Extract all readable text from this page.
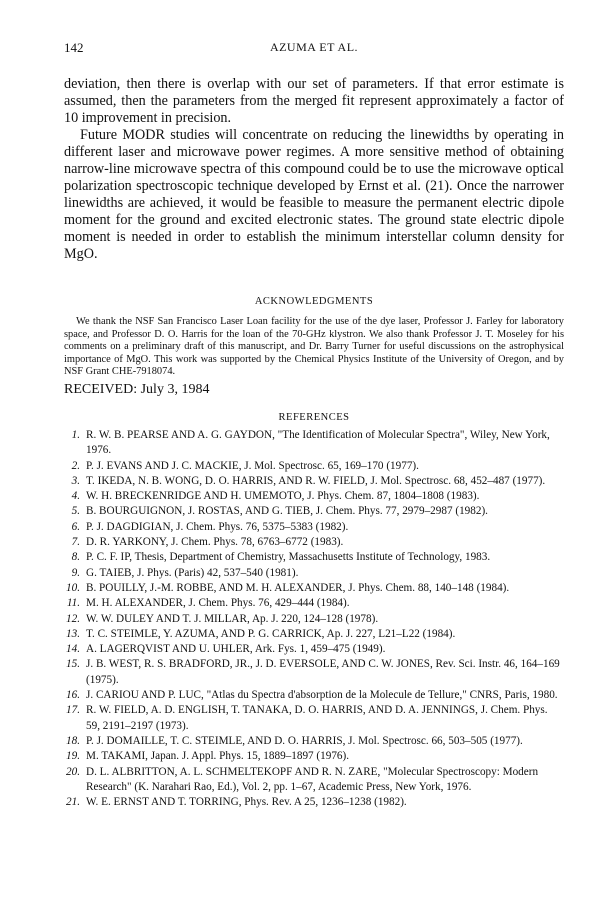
142	AZUMA ET AL.

deviation, then there is overlap with our set of parameters. If that error estimate is assumed, then the parameters from the merged fit represent approximately a factor of 10 improvement in precision.

Future MODR studies will concentrate on reducing the linewidths by operating in different laser and microwave power regimes. A more sensitive method of obtaining narrow-line microwave spectra of this compound could be to use the microwave optical polarization spectroscopic technique developed by Ernst et al. (21). Once the narrower linewidths are achieved, it would be feasible to measure the permanent electric dipole moment for the ground and excited electronic states. The ground state electric dipole moment is needed in order to establish the minimum interstellar column density for MgO.

ACKNOWLEDGMENTS
We thank the NSF San Francisco Laser Loan facility for the use of the dye laser, Professor J. Farley for laboratory space, and Professor D. O. Harris for the loan of the 70-GHz klystron. We also thank Professor J. T. Moseley for his comments on a preliminary draft of this manuscript, and Dr. Barry Turner for useful discussions on the astrophysical importance of MgO. This work was supported by the Chemical Physics Institute of the University of Oregon, and by NSF Grant CHE-7918074.
RECEIVED: July 3, 1984
REFERENCES
1. R. W. B. PEARSE AND A. G. GAYDON, "The Identification of Molecular Spectra", Wiley, New York, 1976.
2. P. J. EVANS AND J. C. MACKIE, J. Mol. Spectrosc. 65, 169–170 (1977).
3. T. IKEDA, N. B. WONG, D. O. HARRIS, AND R. W. FIELD, J. Mol. Spectrosc. 68, 452–487 (1977).
4. W. H. BRECKENRIDGE AND H. UMEMOTO, J. Phys. Chem. 87, 1804–1808 (1983).
5. B. BOURGUIGNON, J. ROSTAS, AND G. TIEB, J. Chem. Phys. 77, 2979–2987 (1982).
6. P. J. DAGDIGIAN, J. Chem. Phys. 76, 5375–5383 (1982).
7. D. R. YARKONY, J. Chem. Phys. 78, 6763–6772 (1983).
8. P. C. F. IP, Thesis, Department of Chemistry, Massachusetts Institute of Technology, 1983.
9. G. TAIEB, J. Phys. (Paris) 42, 537–540 (1981).
10. B. POUILLY, J.-M. ROBBE, AND M. H. ALEXANDER, J. Phys. Chem. 88, 140–148 (1984).
11. M. H. ALEXANDER, J. Chem. Phys. 76, 429–444 (1984).
12. W. W. DULEY AND T. J. MILLAR, Ap. J. 220, 124–128 (1978).
13. T. C. STEIMLE, Y. AZUMA, AND P. G. CARRICK, Ap. J. 227, L21–L22 (1984).
14. A. LAGERQVIST AND U. UHLER, Ark. Fys. 1, 459–475 (1949).
15. J. B. WEST, R. S. BRADFORD, JR., J. D. EVERSOLE, AND C. W. JONES, Rev. Sci. Instr. 46, 164–169 (1975).
16. J. CARIOU AND P. LUC, "Atlas du Spectra d'absorption de la Molecule de Tellure," CNRS, Paris, 1980.
17. R. W. FIELD, A. D. ENGLISH, T. TANAKA, D. O. HARRIS, AND D. A. JENNINGS, J. Chem. Phys. 59, 2191–2197 (1973).
18. P. J. DOMAILLE, T. C. STEIMLE, AND D. O. HARRIS, J. Mol. Spectrosc. 66, 503–505 (1977).
19. M. TAKAMI, Japan. J. Appl. Phys. 15, 1889–1897 (1976).
20. D. L. ALBRITTON, A. L. SCHMELTEKOPF AND R. N. ZARE, "Molecular Spectroscopy: Modern Research" (K. Narahari Rao, Ed.), Vol. 2, pp. 1–67, Academic Press, New York, 1976.
21. W. E. ERNST AND T. TORRING, Phys. Rev. A 25, 1236–1238 (1982).
